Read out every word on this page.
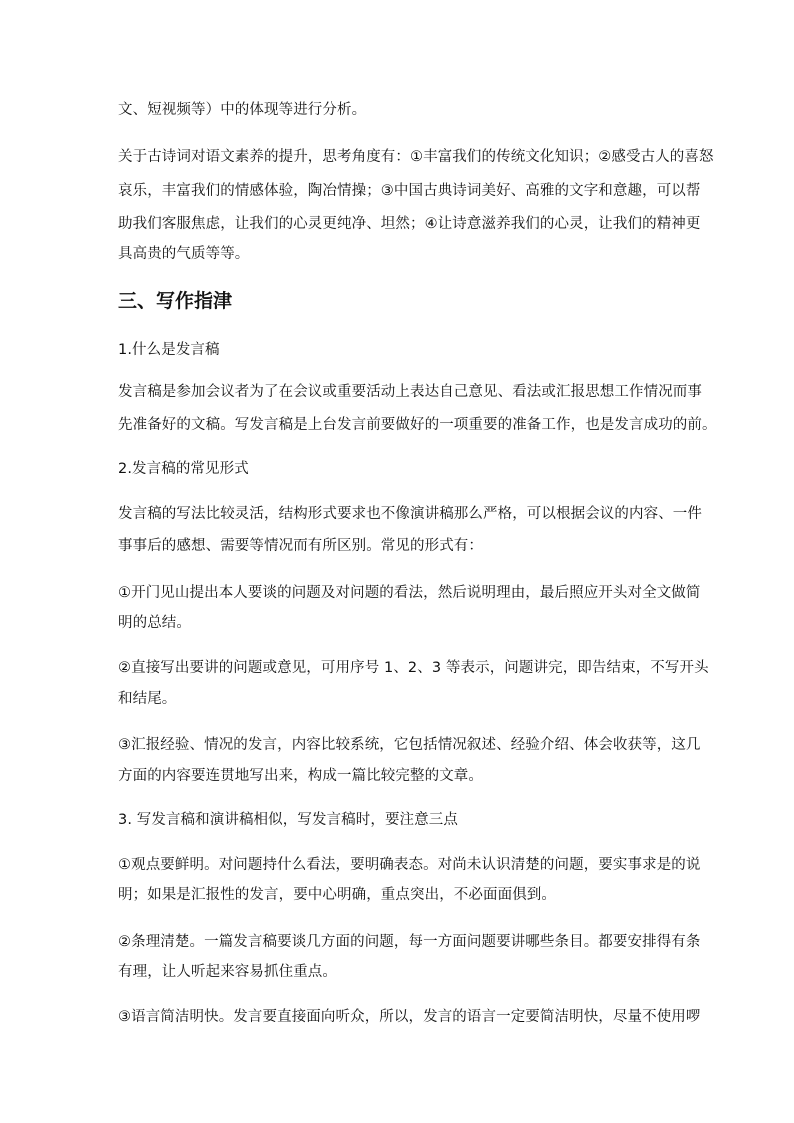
文、短视频等）中的体现等进行分析。
关于古诗词对语文素养的提升，思考角度有：①丰富我们的传统文化知识；②感受古人的喜怒
哀乐，丰富我们的情感体验，陶冶情操；③中国古典诗词美好、高雅的文字和意趣，可以帮
助我们客服焦虑，让我们的心灵更纯净、坦然；④让诗意滋养我们的心灵，让我们的精神更
具高贵的气质等等。
三、写作指津
1.什么是发言稿
发言稿是参加会议者为了在会议或重要活动上表达自己意见、看法或汇报思想工作情况而事
先准备好的文稿。写发言稿是上台发言前要做好的一项重要的准备工作，也是发言成功的前。
2.发言稿的常见形式
发言稿的写法比较灵活，结构形式要求也不像演讲稿那么严格，可以根据会议的内容、一件
事事后的感想、需要等情况而有所区别。常见的形式有：
①开门见山提出本人要谈的问题及对问题的看法，然后说明理由，最后照应开头对全文做简
明的总结。
②直接写出要讲的问题或意见，可用序号 1、2、3 等表示，问题讲完，即告结束，不写开头
和结尾。
③汇报经验、情况的发言，内容比较系统，它包括情况叙述、经验介绍、体会收获等，这几
方面的内容要连贯地写出来，构成一篇比较完整的文章。
3. 写发言稿和演讲稿相似，写发言稿时，要注意三点
①观点要鲜明。对问题持什么看法，要明确表态。对尚未认识清楚的问题，要实事求是的说
明；如果是汇报性的发言，要中心明确，重点突出，不必面面俱到。
②条理清楚。一篇发言稿要谈几方面的问题，每一方面问题要讲哪些条目。都要安排得有条
有理，让人听起来容易抓住重点。
③语言简洁明快。发言要直接面向听众，所以，发言的语言一定要简洁明快，尽量不使用啰
